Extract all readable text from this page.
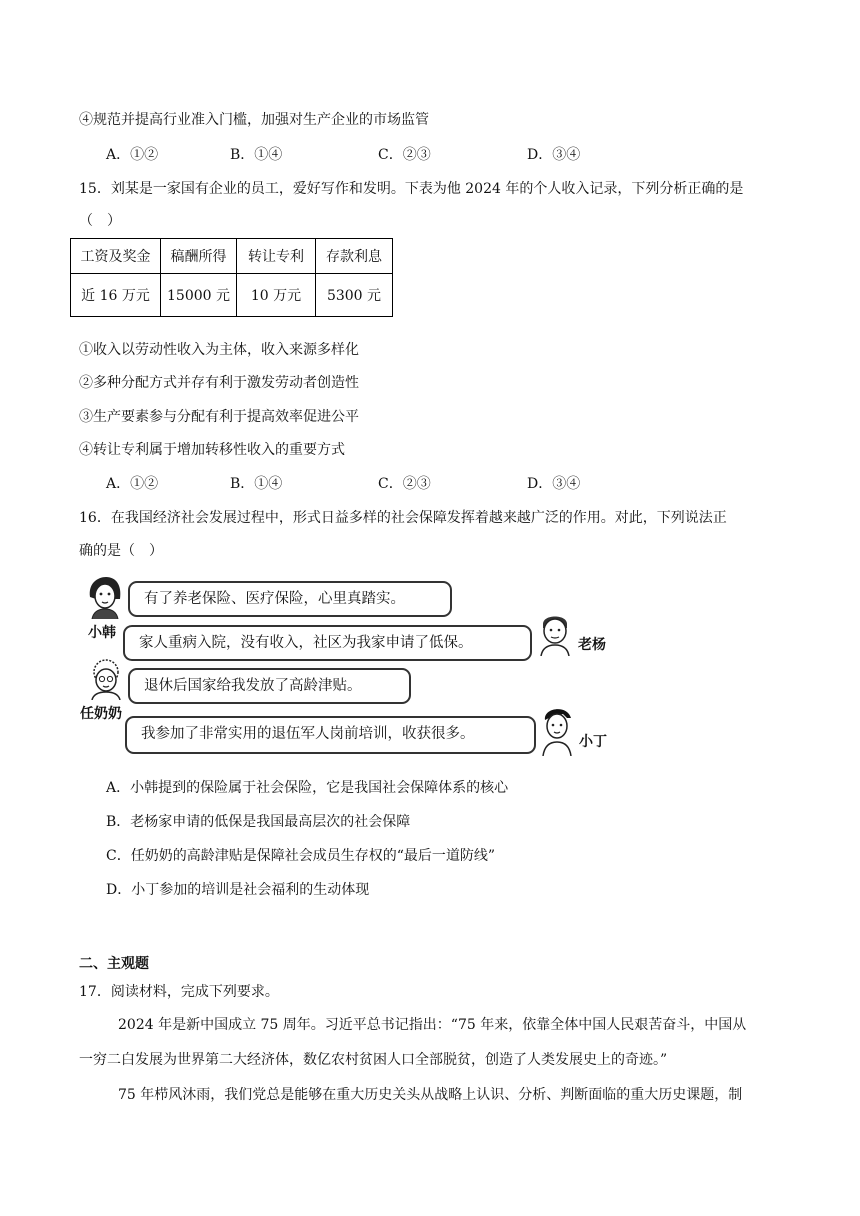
④规范并提高行业准入门槛，加强对生产企业的市场监管
A．①②	B．①④	C．②③	D．③④
15．刘某是一家国有企业的员工，爱好写作和发明。下表为他 2024 年的个人收入记录，下列分析正确的是
（　）
工资及奖金	稿酬所得	转让专利	存款利息
近 16 万元	15000 元	10 万元	5300 元
①收入以劳动性收入为主体，收入来源多样化
②多种分配方式并存有利于激发劳动者创造性
③生产要素参与分配有利于提高效率促进公平
④转让专利属于增加转移性收入的重要方式
A．①②	B．①④	C．②③	D．③④
16．在我国经济社会发展过程中，形式日益多样的社会保障发挥着越来越广泛的作用。对此，下列说法正
确的是（　）
小韩
有了养老保险、医疗保险，心里真踏实。
家人重病入院，没有收入，社区为我家申请了低保。	老杨
任奶奶
退休后国家给我发放了高龄津贴。
我参加了非常实用的退伍军人岗前培训，收获很多。	小丁
A．小韩提到的保险属于社会保险，它是我国社会保障体系的核心
B．老杨家申请的低保是我国最高层次的社会保障
C．任奶奶的高龄津贴是保障社会成员生存权的“最后一道防线”
D．小丁参加的培训是社会福利的生动体现
二、主观题
17．阅读材料，完成下列要求。
2024 年是新中国成立 75 周年。习近平总书记指出：“75 年来，依靠全体中国人民艰苦奋斗，中国从
一穷二白发展为世界第二大经济体，数亿农村贫困人口全部脱贫，创造了人类发展史上的奇迹。”
75 年栉风沐雨，我们党总是能够在重大历史关头从战略上认识、分析、判断面临的重大历史课题，制
